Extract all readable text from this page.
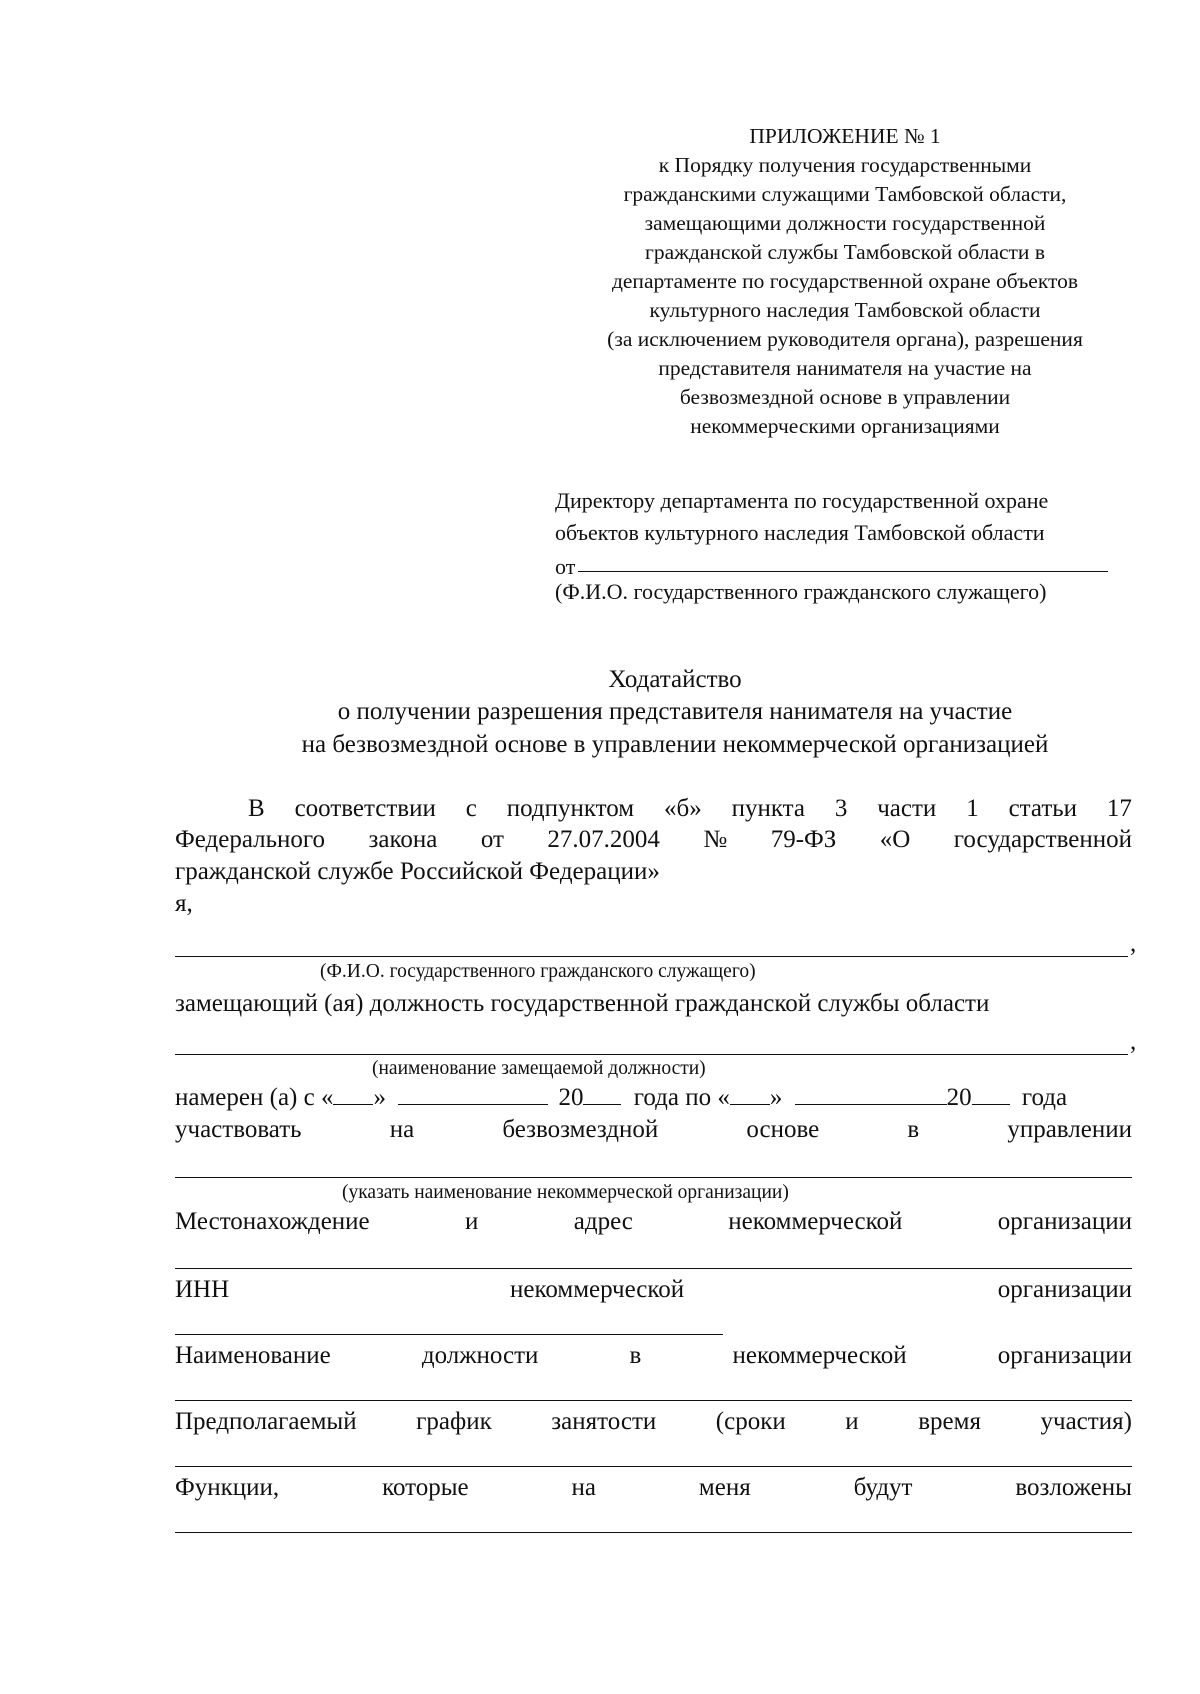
ПРИЛОЖЕНИЕ № 1
к Порядку получения государственными
гражданскими служащими Тамбовской области,
замещающими должности государственной
гражданской службы Тамбовской области в
департаменте по государственной охране объектов
культурного наследия Тамбовской области
(за исключением руководителя органа), разрешения
представителя нанимателя на участие на
безвозмездной основе в управлении
некоммерческими организациями
Директору департамента по государственной охране
объектов культурного наследия Тамбовской области
от
(Ф.И.О. государственного гражданского служащего)
Ходатайство
о получении разрешения представителя нанимателя на участие
на безвозмездной основе в управлении некоммерческой организацией
В соответствии с подпунктом «б» пункта 3 части 1 статьи 17
Федерального закона от 27.07.2004 № 79-ФЗ «О государственной
гражданской службе Российской Федерации»
я,
,
(Ф.И.О. государственного гражданского служащего)
замещающий (ая) должность государственной гражданской службы области
,
(наименование замещаемой должности)
намерен (а) с « »	20 года по « »	20 года
участвовать	на	безвозмездной	основе	в	управлении
(указать наименование некоммерческой организации)
Местонахождение	и	адрес	некоммерческой	организации
ИНН	некоммерческой	организации
Наименование	должности	в	некоммерческой	организации
Предполагаемый график занятости (сроки и время участия)
Функции,	которые	на	меня	будут	возложены
